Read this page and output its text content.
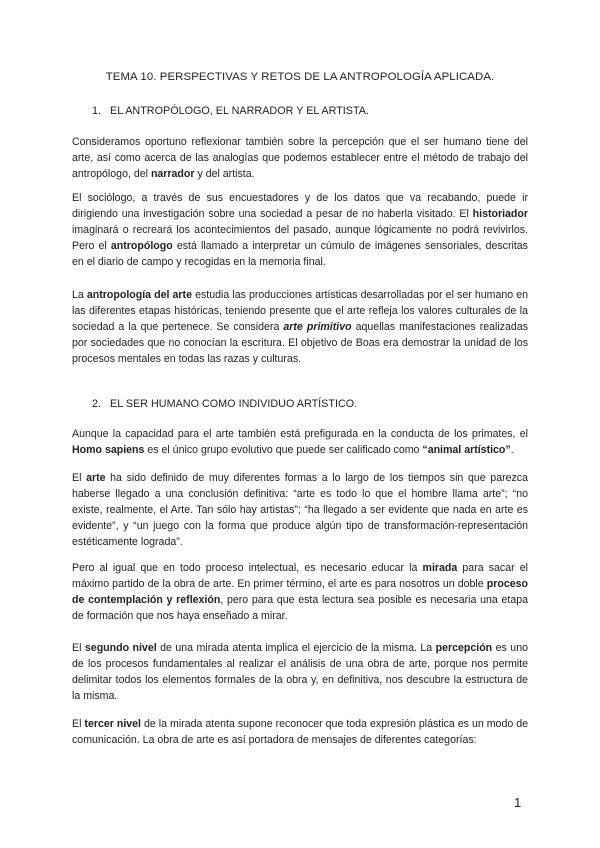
TEMA 10. PERSPECTIVAS Y RETOS DE LA ANTROPOLOGÍA APLICADA.
1. EL ANTROPÓLOGO, EL NARRADOR Y EL ARTISTA.

Consideramos oportuno reflexionar también sobre la percepción que el ser humano tiene del arte, así como acerca de las analogías que podemos establecer entre el método de trabajo del antropólogo, del narrador y del artista.

El sociólogo, a través de sus encuestadores y de los datos que va recabando, puede ir dirigiendo una investigación sobre una sociedad a pesar de no haberla visitado. El historiador imaginará o recreará los acontecimientos del pasado, aunque lógicamente no podrá revivirlos. Pero el antropólogo está llamado a interpretar un cúmulo de imágenes sensoriales, descritas en el diario de campo y recogidas en la memoria final.

La antropología del arte estudia las producciones artísticas desarrolladas por el ser humano en las diferentes etapas históricas, teniendo presente que el arte refleja los valores culturales de la sociedad a la que pertenece. Se considera arte primitivo aquellas manifestaciones realizadas por sociedades que no conocían la escritura. El objetivo de Boas era demostrar la unidad de los procesos mentales en todas las razas y culturas.

2. EL SER HUMANO COMO INDIVIDUO ARTÍSTICO.

Aunque la capacidad para el arte también está prefigurada en la conducta de los primates, el Homo sapiens es el único grupo evolutivo que puede ser calificado como “animal artístico”.

El arte ha sido definido de muy diferentes formas a lo largo de los tiempos sin que parezca haberse llegado a una conclusión definitiva: “arte es todo lo que el hombre llama arte”; “no existe, realmente, el Arte. Tan sólo hay artistas”; “ha llegado a ser evidente que nada en arte es evidente”, y “un juego con la forma que produce algún tipo de transformación-representación estéticamente lograda”.

Pero al igual que en todo proceso intelectual, es necesario educar la mirada para sacar el máximo partido de la obra de arte. En primer término, el arte es para nosotros un doble proceso de contemplación y reflexión, pero para que esta lectura sea posible es necesaria una etapa de formación que nos haya enseñado a mirar.

El segundo nivel de una mirada atenta implica el ejercicio de la misma. La percepción es uno de los procesos fundamentales al realizar el análisis de una obra de arte, porque nos permite delimitar todos los elementos formales de la obra y, en definitiva, nos descubre la estructura de la misma.

El tercer nivel de la mirada atenta supone reconocer que toda expresión plástica es un modo de comunicación. La obra de arte es así portadora de mensajes de diferentes categorías:

1
